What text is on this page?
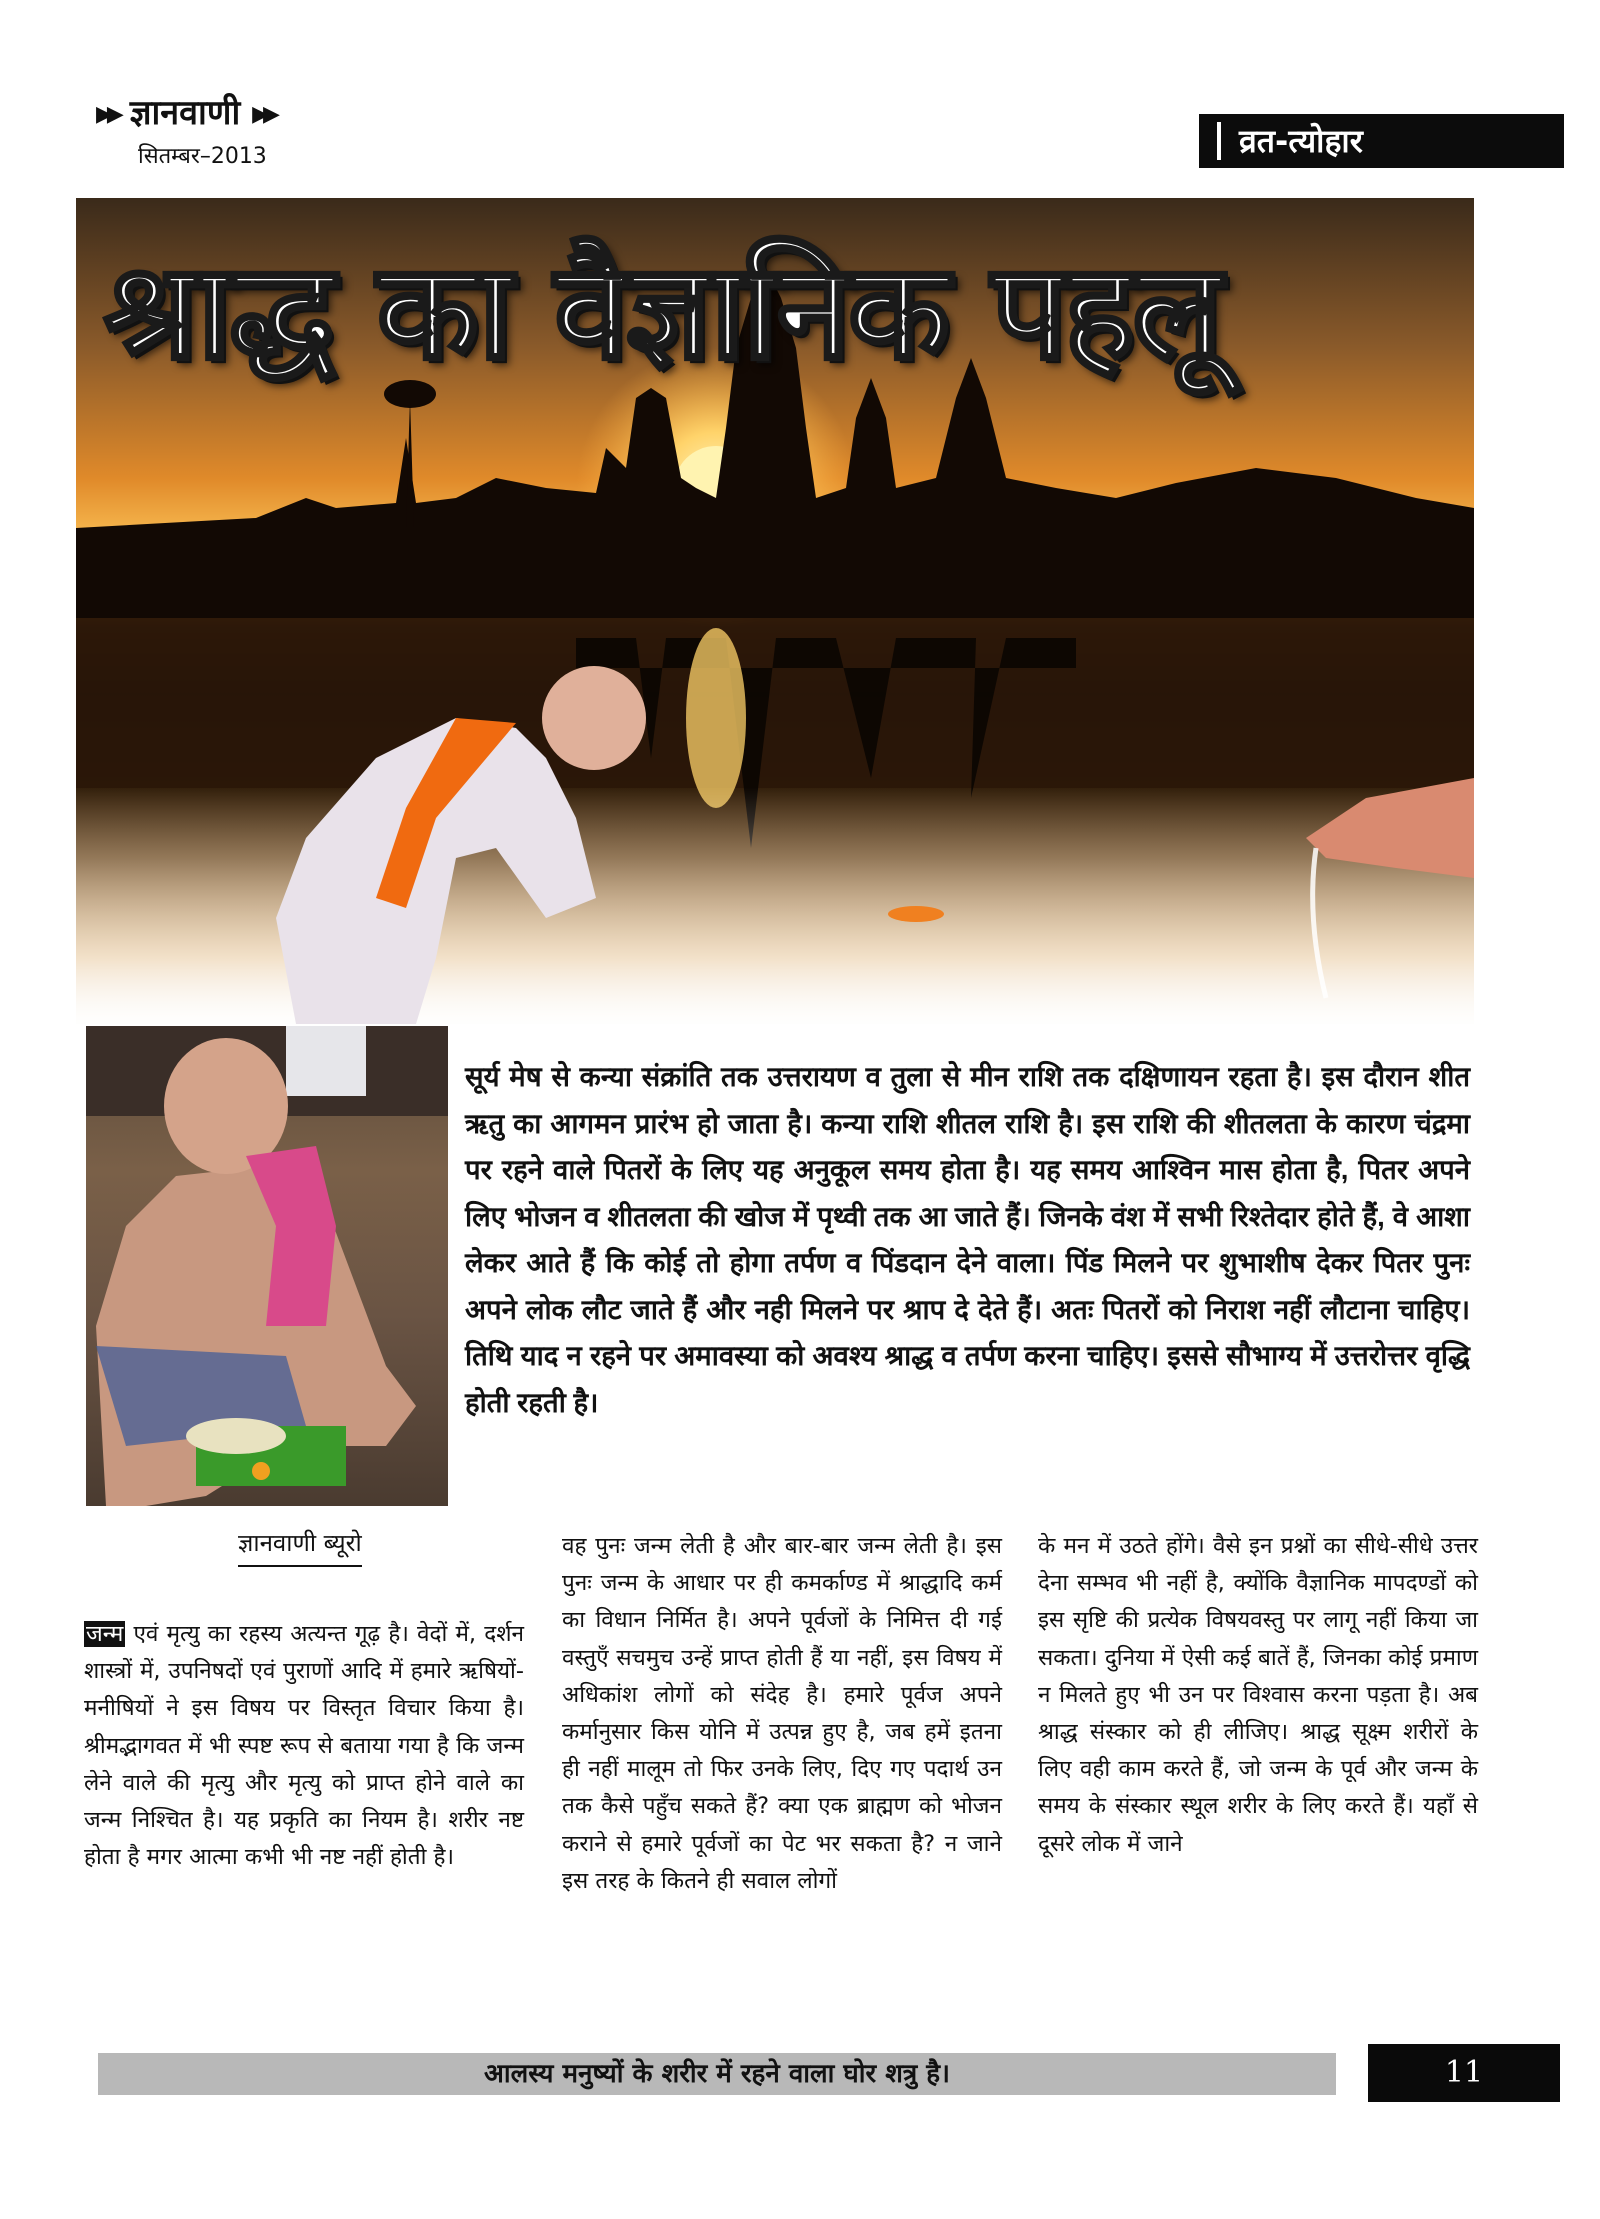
▶▶ ज्ञानवाणी ▶▶
सितम्बर–2013	व्रत-त्योहार
श्राद्ध का वैज्ञानिक पहलू
सूर्य मेष से कन्या संक्रांति तक उत्तरायण व तुला से मीन राशि तक दक्षिणायन रहता है। इस दौरान शीत ऋतु का आगमन प्रारंभ हो जाता है। कन्या राशि शीतल राशि है। इस राशि की शीतलता के कारण चंद्रमा पर रहने वाले पितरों के लिए यह अनुकूल समय होता है। यह समय आश्विन मास होता है, पितर अपने लिए भोजन व शीतलता की खोज में पृथ्वी तक आ जाते हैं। जिनके वंश में सभी रिश्तेदार होते हैं, वे आशा लेकर आते हैं कि कोई तो होगा तर्पण व पिंडदान देने वाला। पिंड मिलने पर शुभाशीष देकर पितर पुनः अपने लोक लौट जाते हैं और नही मिलने पर श्राप दे देते हैं। अतः पितरों को निराश नहीं लौटाना चाहिए। तिथि याद न रहने पर अमावस्या को अवश्य श्राद्ध व तर्पण करना चाहिए। इससे सौभाग्य में उत्तरोत्तर वृद्धि होती रहती है।
ज्ञानवाणी ब्यूरो
जन्म एवं मृत्यु का रहस्य अत्यन्त गूढ़ है। वेदों में, दर्शन शास्त्रों में, उपनिषदों एवं पुराणों आदि में हमारे ऋषियों-मनीषियों ने इस विषय पर विस्तृत विचार किया है। श्रीमद्भागवत में भी स्पष्ट रूप से बताया गया है कि जन्म लेने वाले की मृत्यु और मृत्यु को प्राप्त होने वाले का जन्म निश्चित है। यह प्रकृति का नियम है। शरीर नष्ट होता है मगर आत्मा कभी भी नष्ट नहीं होती है।
वह पुनः जन्म लेती है और बार-बार जन्म लेती है। इस पुनः जन्म के आधार पर ही कमर्काण्ड में श्राद्धादि कर्म का विधान निर्मित है। अपने पूर्वजों के निमित्त दी गई वस्तुएँ सचमुच उन्हें प्राप्त होती हैं या नहीं, इस विषय में अधिकांश लोगों को संदेह है। हमारे पूर्वज अपने कर्मानुसार किस योनि में उत्पन्न हुए है, जब हमें इतना ही नहीं मालूम तो फिर उनके लिए, दिए गए पदार्थ उन तक कैसे पहुँच सकते हैं? क्या एक ब्राह्मण को भोजन कराने से हमारे पूर्वजों का पेट भर सकता है? न जाने इस तरह के कितने ही सवाल लोगों
के मन में उठते होंगे। वैसे इन प्रश्नों का सीधे-सीधे उत्तर देना सम्भव भी नहीं है, क्योंकि वैज्ञानिक मापदण्डों को इस सृष्टि की प्रत्येक विषयवस्तु पर लागू नहीं किया जा सकता। दुनिया में ऐसी कई बातें हैं, जिनका कोई प्रमाण न मिलते हुए भी उन पर विश्वास करना पड़ता है। अब श्राद्ध संस्कार को ही लीजिए। श्राद्ध सूक्ष्म शरीरों के लिए वही काम करते हैं, जो जन्म के पूर्व और जन्म के समय के संस्कार स्थूल शरीर के लिए करते हैं। यहाँ से दूसरे लोक में जाने
आलस्य मनुष्यों के शरीर में रहने वाला घोर शत्रु है।	11
